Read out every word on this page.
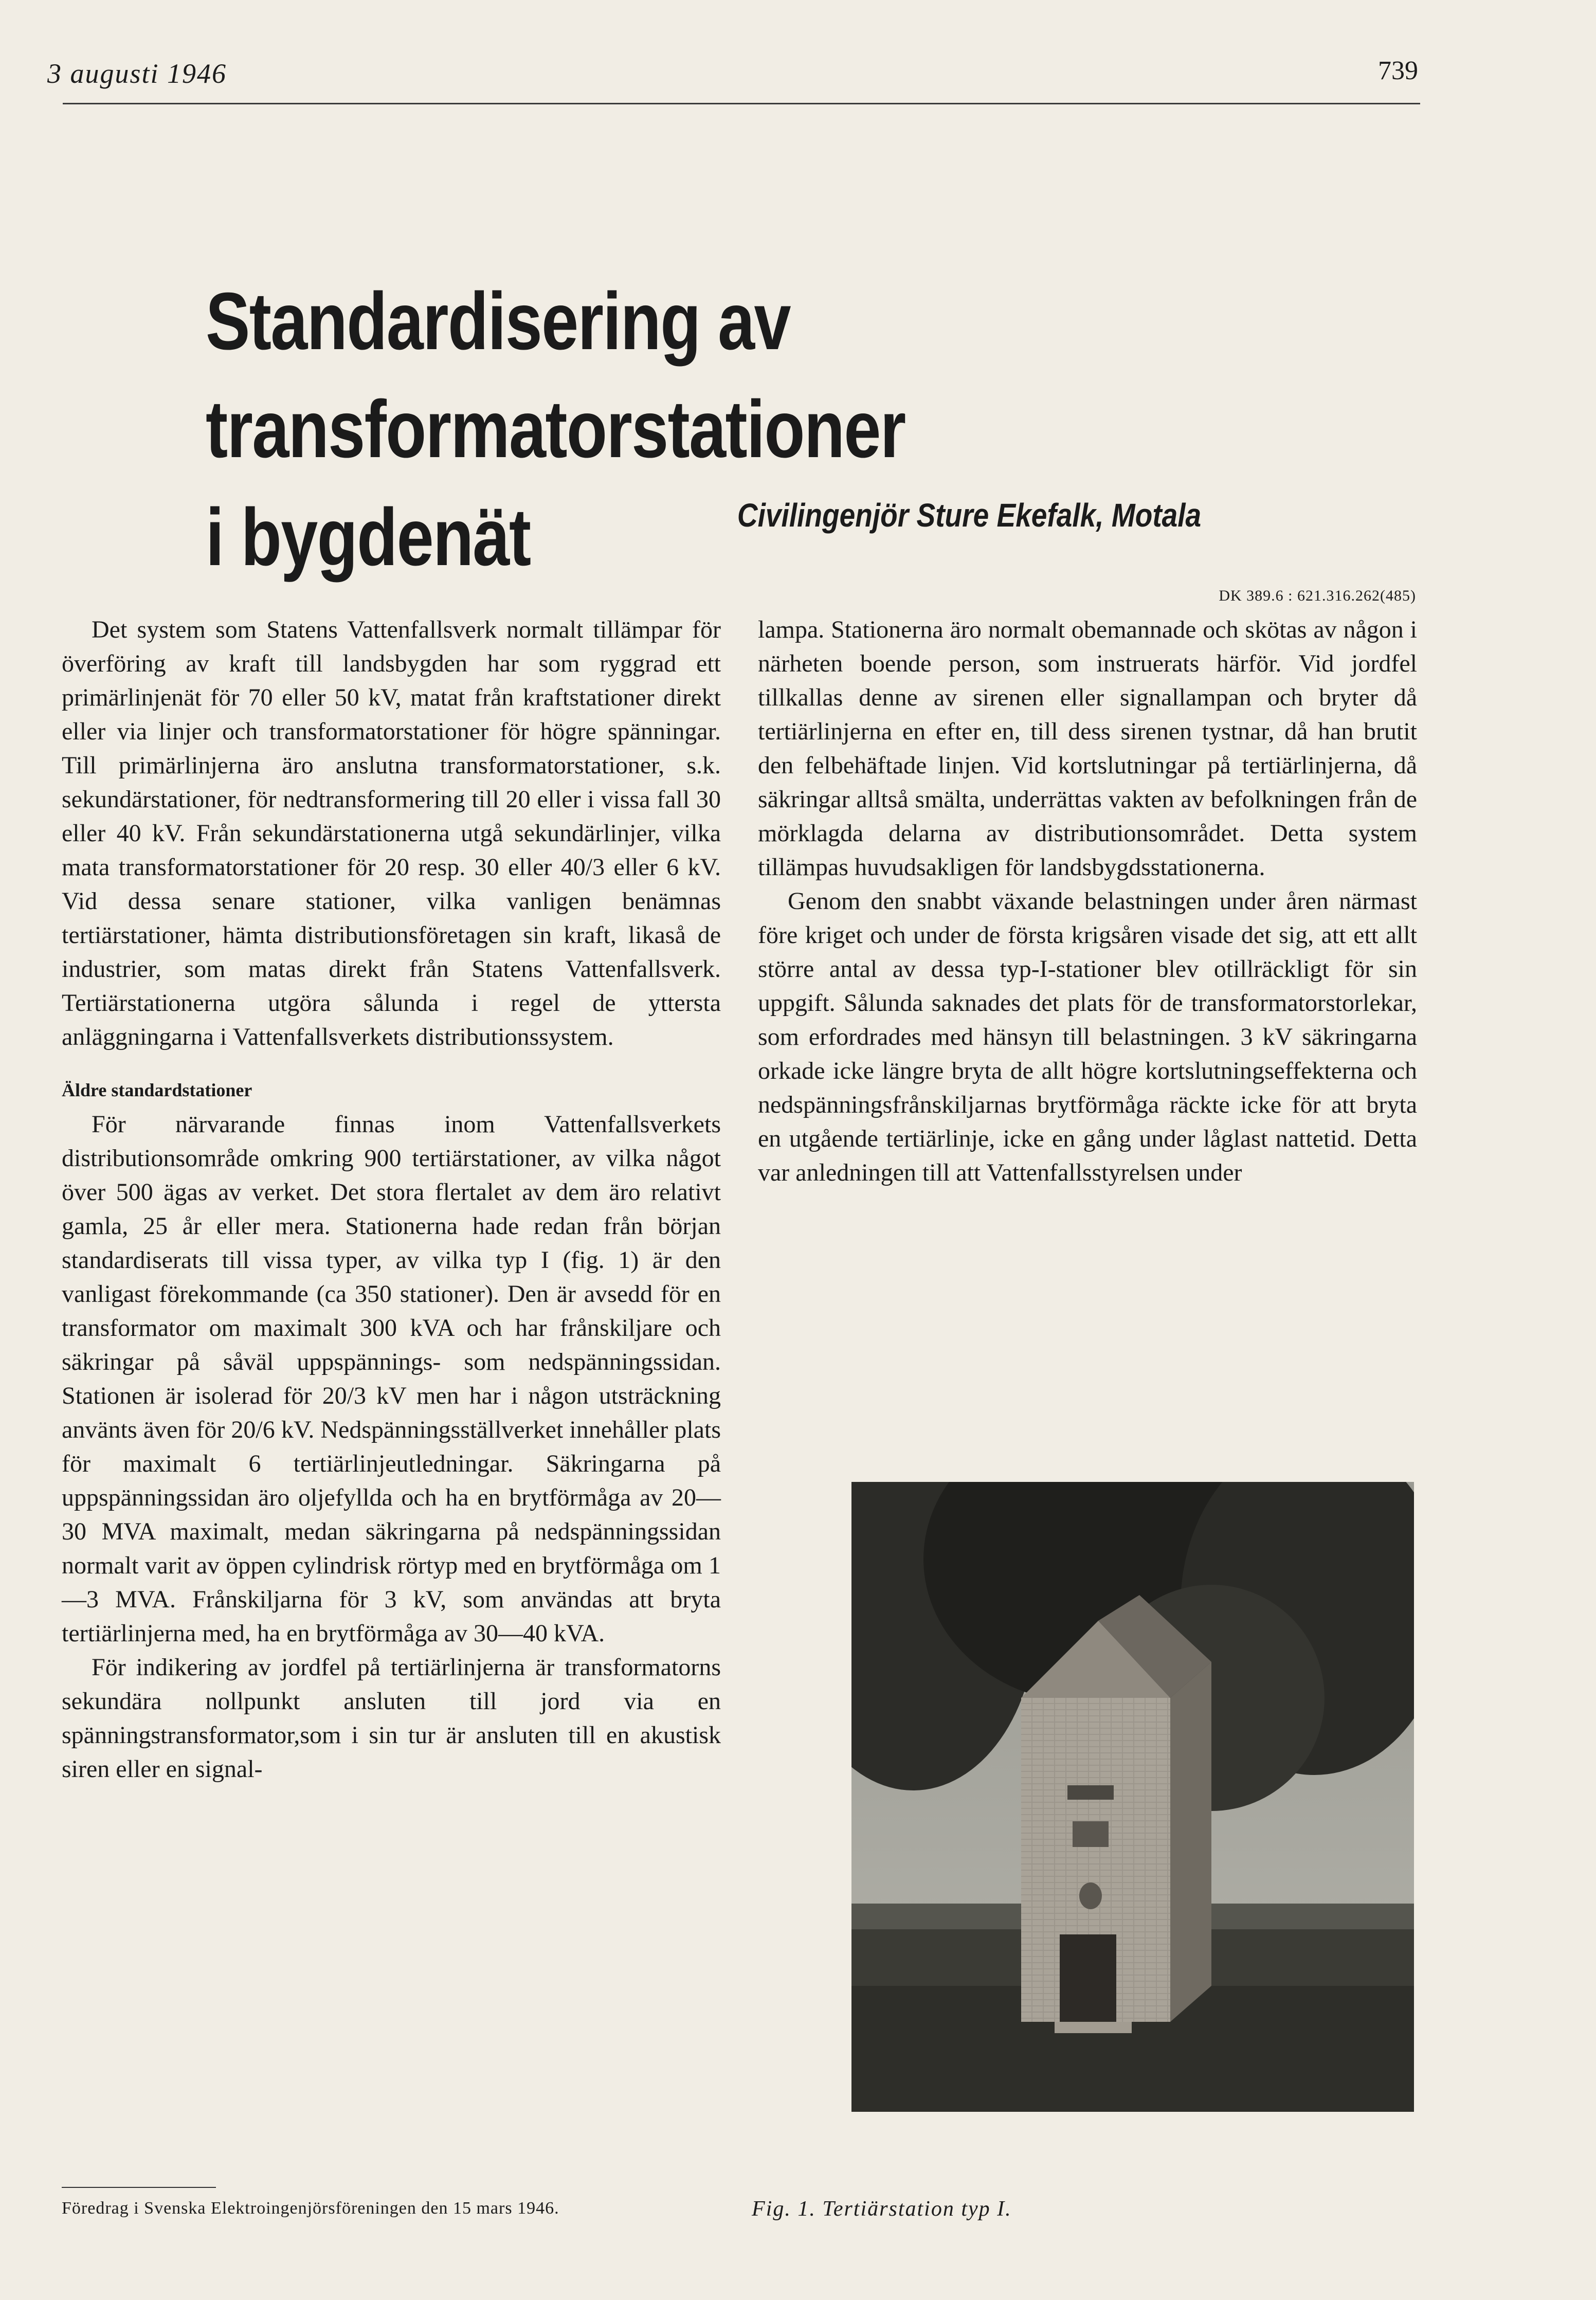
3 augusti 1946	739
Standardisering av transformatorstationer
i bygdenät	Civilingenjör Sture Ekefalk, Motala
DK 389.6 : 621.316.262(485)

Det system som Statens Vattenfallsverk normalt tillämpar för överföring av kraft till landsbygden har som ryggrad ett primärlinjenät för 70 eller 50 kV, matat från kraftstationer direkt eller via linjer och transformatorstationer för högre spänningar. Till primärlinjerna äro anslutna transformatorstationer, s.k. sekundärstationer, för nedtransformering till 20 eller i vissa fall 30 eller 40 kV. Från sekundärstationerna utgå sekundärlinjer, vilka mata transformatorstationer för 20 resp. 30 eller 40/3 eller 6 kV. Vid dessa senare stationer, vilka vanligen benämnas tertiärstationer, hämta distributionsföretagen sin kraft, likaså de industrier, som matas direkt från Statens Vattenfallsverk. Tertiärstationerna utgöra sålunda i regel de yttersta anläggningarna i Vattenfallsverkets distributionssystem.

Äldre standardstationer

För närvarande finnas inom Vattenfallsverkets distributionsområde omkring 900 tertiärstationer, av vilka något över 500 ägas av verket. Det stora flertalet av dem äro relativt gamla, 25 år eller mera. Stationerna hade redan från början standardiserats till vissa typer, av vilka typ I (fig. 1) är den vanligast förekommande (ca 350 stationer). Den är avsedd för en transformator om maximalt 300 kVA och har frånskiljare och säkringar på såväl uppspännings- som nedspänningssidan. Stationen är isolerad för 20/3 kV men har i någon utsträckning använts även för 20/6 kV. Nedspänningsställverket innehåller plats för maximalt 6 tertiärlinjeutledningar. Säkringarna på uppspänningssidan äro oljefyllda och ha en brytförmåga av 20—30 MVA maximalt, medan säkringarna på nedspänningssidan normalt varit av öppen cylindrisk rörtyp med en brytförmåga om 1—3 MVA. Frånskiljarna för 3 kV, som användas att bryta tertiärlinjerna med, ha en brytförmåga av 30—40 kVA.

För indikering av jordfel på tertiärlinjerna är transformatorns sekundära nollpunkt ansluten till jord via en spänningstransformator,som i sin tur är ansluten till en akustisk siren eller en signal-

lampa. Stationerna äro normalt obemannade och skötas av någon i närheten boende person, som instruerats härför. Vid jordfel tillkallas denne av sirenen eller signallampan och bryter då tertiärlinjerna en efter en, till dess sirenen tystnar, då han brutit den felbehäftade linjen. Vid kortslutningar på tertiärlinjerna, då säkringar alltså smälta, underrättas vakten av befolkningen från de mörklagda delarna av distributionsområdet. Detta system tillämpas huvudsakligen för landsbygdsstationerna.

Genom den snabbt växande belastningen under åren närmast före kriget och under de första krigsåren visade det sig, att ett allt större antal av dessa typ-I-stationer blev otillräckligt för sin uppgift. Sålunda saknades det plats för de transformatorstorlekar, som erfordrades med hänsyn till belastningen. 3 kV säkringarna orkade icke längre bryta de allt högre kortslutningseffekterna och nedspänningsfrånskiljarnas brytförmåga räckte icke för att bryta en utgående tertiärlinje, icke en gång under låglast nattetid. Detta var anledningen till att Vattenfallsstyrelsen under

Fig. 1. Tertiärstation typ I.
Föredrag i Svenska Elektroingenjörsföreningen den 15 mars 1946.
